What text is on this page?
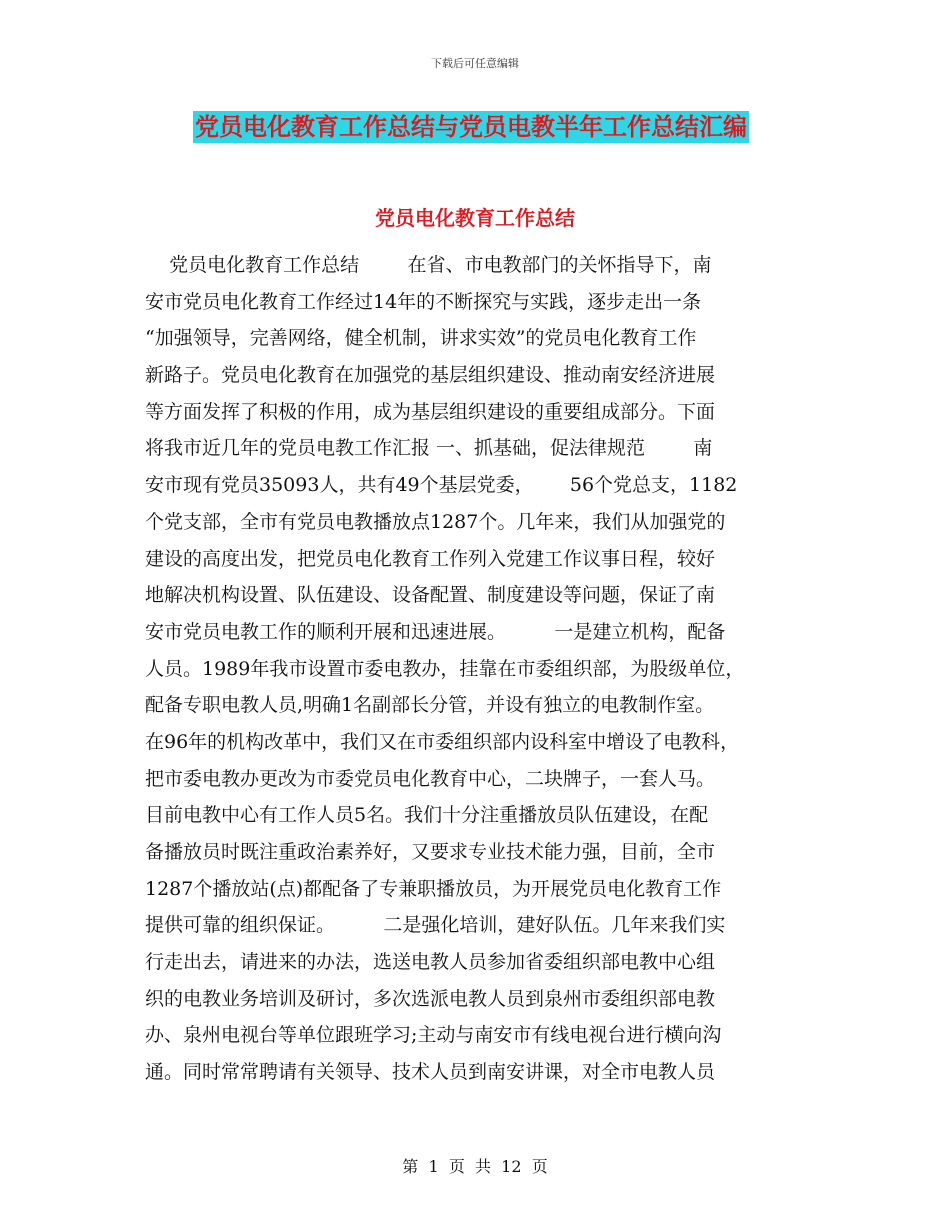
下载后可任意编辑
党员电化教育工作总结与党员电教半年工作总结汇编
党员电化教育工作总结
党员电化教育工作总结        在省、市电教部门的关怀指导下，南
安市党员电化教育工作经过14年的不断探究与实践，逐步走出一条
“加强领导，完善网络，健全机制，讲求实效”的党员电化教育工作
新路子。党员电化教育在加强党的基层组织建设、推动南安经济进展
等方面发挥了积极的作用，成为基层组织建设的重要组成部分。下面
将我市近几年的党员电教工作汇报 一、抓基础，促法律规范        南
安市现有党员35093人，共有49个基层党委，      56个党总支，1182
个党支部，全市有党员电教播放点1287个。几年来，我们从加强党的
建设的高度出发，把党员电化教育工作列入党建工作议事日程，较好
地解决机构设置、队伍建设、设备配置、制度建设等问题，保证了南
安市党员电教工作的顺利开展和迅速进展。        一是建立机构，配备
人员。1989年我市设置市委电教办，挂靠在市委组织部，为股级单位，
配备专职电教人员,明确1名副部长分管，并设有独立的电教制作室。
在96年的机构改革中，我们又在市委组织部内设科室中增设了电教科，
把市委电教办更改为市委党员电化教育中心，二块牌子，一套人马。
目前电教中心有工作人员5名。我们十分注重播放员队伍建设，在配
备播放员时既注重政治素养好，又要求专业技术能力强，目前，全市
1287个播放站(点)都配备了专兼职播放员，为开展党员电化教育工作
提供可靠的组织保证。        二是强化培训，建好队伍。几年来我们实
行走出去，请进来的办法，选送电教人员参加省委组织部电教中心组
织的电教业务培训及研讨，多次选派电教人员到泉州市委组织部电教
办、泉州电视台等单位跟班学习;主动与南安市有线电视台进行横向沟
通。同时常常聘请有关领导、技术人员到南安讲课，对全市电教人员
第  1  页  共  12  页
